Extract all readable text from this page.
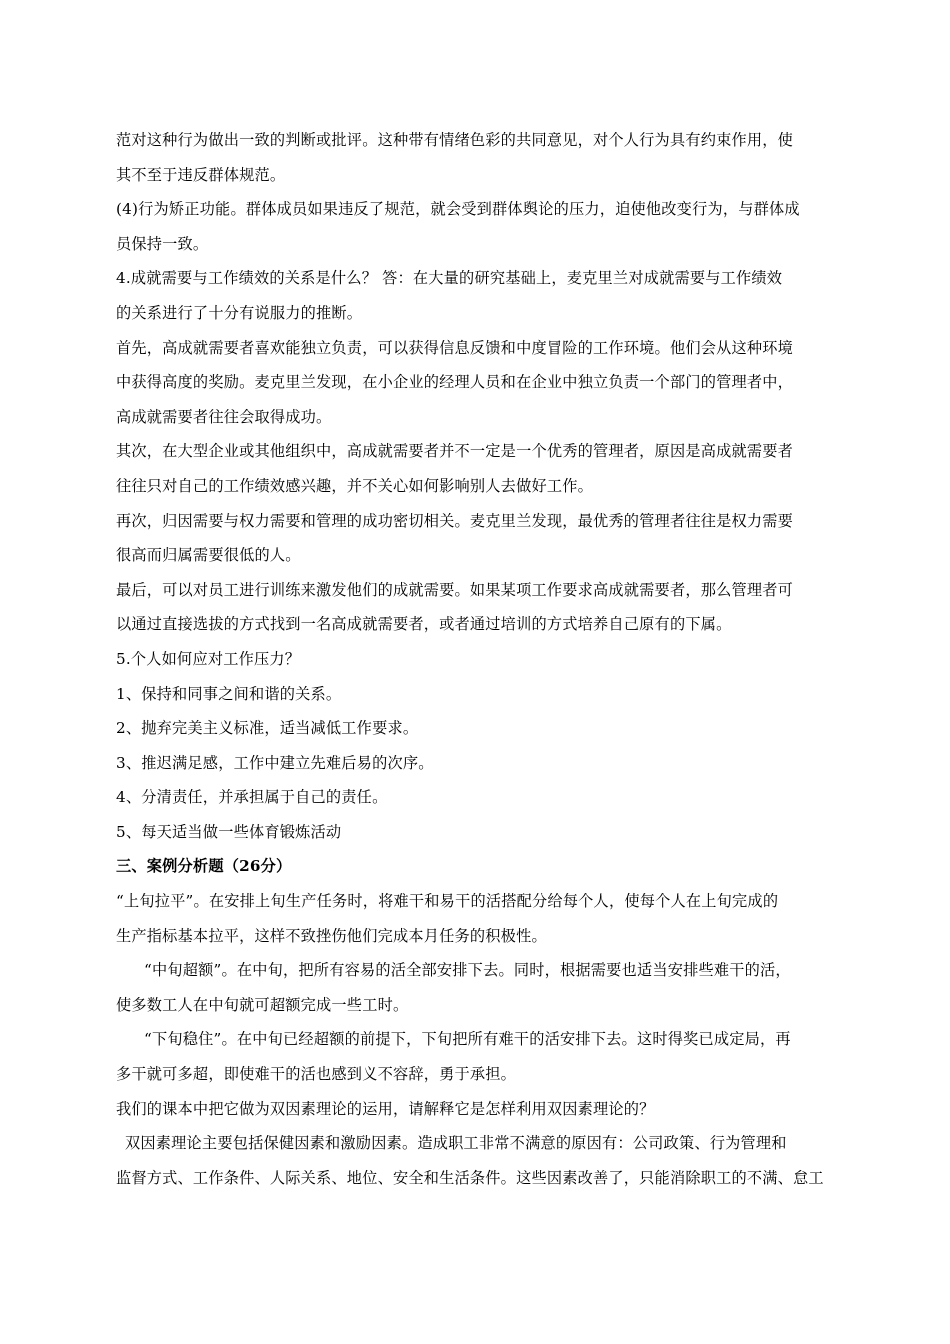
范对这种行为做出一致的判断或批评。这种带有情绪色彩的共同意见，对个人行为具有约束作用，使
其不至于违反群体规范。
(4)行为矫正功能。群体成员如果违反了规范，就会受到群体舆论的压力，迫使他改变行为，与群体成
员保持一致。
4.成就需要与工作绩效的关系是什么？ 答：在大量的研究基础上，麦克里兰对成就需要与工作绩效
的关系进行了十分有说服力的推断。
首先，高成就需要者喜欢能独立负责，可以获得信息反馈和中度冒险的工作环境。他们会从这种环境
中获得高度的奖励。麦克里兰发现，在小企业的经理人员和在企业中独立负责一个部门的管理者中，
高成就需要者往往会取得成功。
其次，在大型企业或其他组织中，高成就需要者并不一定是一个优秀的管理者，原因是高成就需要者
往往只对自己的工作绩效感兴趣，并不关心如何影响别人去做好工作。
再次，归因需要与权力需要和管理的成功密切相关。麦克里兰发现，最优秀的管理者往往是权力需要
很高而归属需要很低的人。
最后，可以对员工进行训练来激发他们的成就需要。如果某项工作要求高成就需要者，那么管理者可
以通过直接选拔的方式找到一名高成就需要者，或者通过培训的方式培养自己原有的下属。
5.个人如何应对工作压力？
1、保持和同事之间和谐的关系。
2、抛弃完美主义标准，适当减低工作要求。
3、推迟满足感，工作中建立先难后易的次序。
4、分清责任，并承担属于自己的责任。
5、每天适当做一些体育锻炼活动
三、案例分析题（26分）
“上旬拉平”。在安排上旬生产任务时，将难干和易干的活搭配分给每个人，使每个人在上旬完成的
生产指标基本拉平，这样不致挫伤他们完成本月任务的积极性。
“中旬超额”。在中旬，把所有容易的活全部安排下去。同时，根据需要也适当安排些难干的活，
使多数工人在中旬就可超额完成一些工时。
“下旬稳住”。在中旬已经超额的前提下，下旬把所有难干的活安排下去。这时得奖已成定局，再
多干就可多超，即使难干的活也感到义不容辞，勇于承担。
我们的课本中把它做为双因素理论的运用，请解释它是怎样利用双因素理论的？
双因素理论主要包括保健因素和激励因素。造成职工非常不满意的原因有：公司政策、行为管理和
监督方式、工作条件、人际关系、地位、安全和生活条件。这些因素改善了，只能消除职工的不满、怠工
